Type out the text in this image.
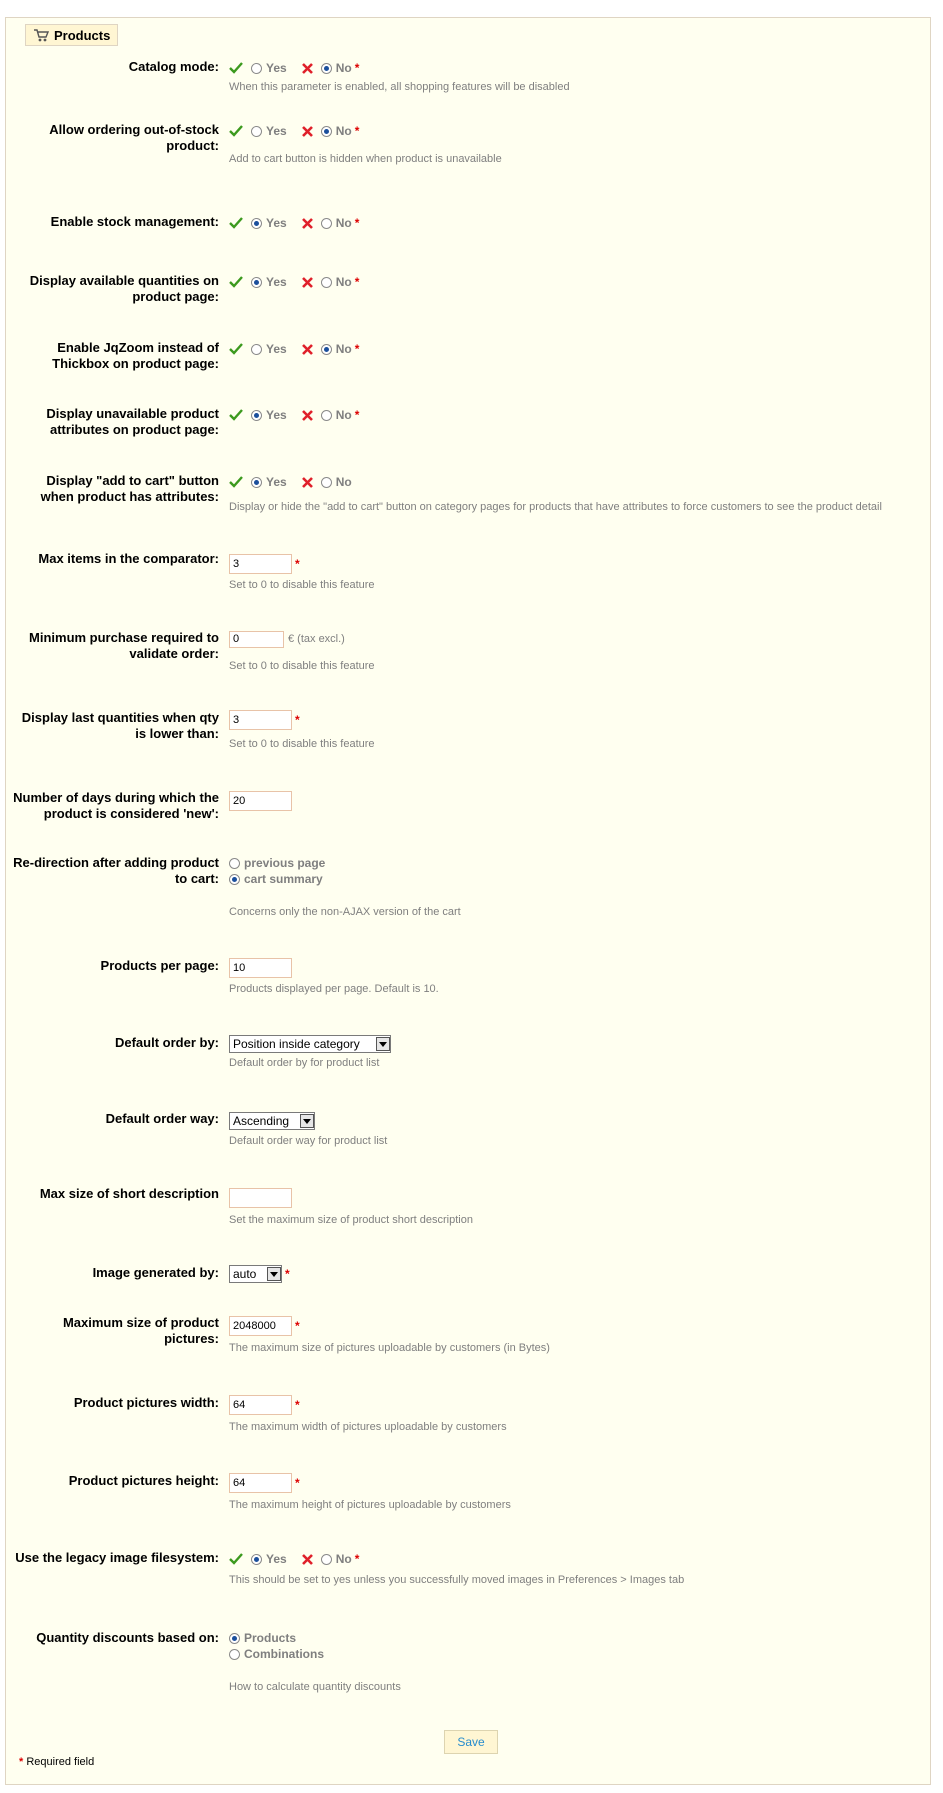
Products
Catalog mode:	Yes	No *
When this parameter is enabled, all shopping features will be disabled
Allow ordering out-of-stock product:
Yes	No *
Add to cart button is hidden when product is unavailable
Enable stock management:	Yes	No *
Display available quantities on product page:
Yes	No *
Enable JqZoom instead of Thickbox on product page:
Yes	No *
Display unavailable product attributes on product page:
Yes	No *
Display "add to cart" button when product has attributes:
Yes	No
Display or hide the "add to cart" button on category pages for products that have attributes to force customers to see the product detail
Max items in the comparator:
3	*
Set to 0 to disable this feature
Minimum purchase required to validate order:
0
€ (tax excl.)
Set to 0 to disable this feature
Display last quantities when qty is lower than:
3
*
Set to 0 to disable this feature
Number of days during which the product is considered 'new':
20
Re-direction after adding product to cart:
previous page
cart summary
Concerns only the non-AJAX version of the cart
Products per page:
10
Products displayed per page. Default is 10.
Default order by: Position inside category
Default order by for product list
Default order way: Ascending
Default order way for product list
Max size of short description
Set the maximum size of product short description
Image generated by: auto	*
Maximum size of product pictures:
2048000
*
The maximum size of pictures uploadable by customers (in Bytes)
Product pictures width:
64	*
The maximum width of pictures uploadable by customers
Product pictures height:
64	*
The maximum height of pictures uploadable by customers
Use the legacy image filesystem:	Yes	No *
This should be set to yes unless you successfully moved images in Preferences > Images tab
Quantity discounts based on: Products
Combinations
How to calculate quantity discounts
Save
* Required field
